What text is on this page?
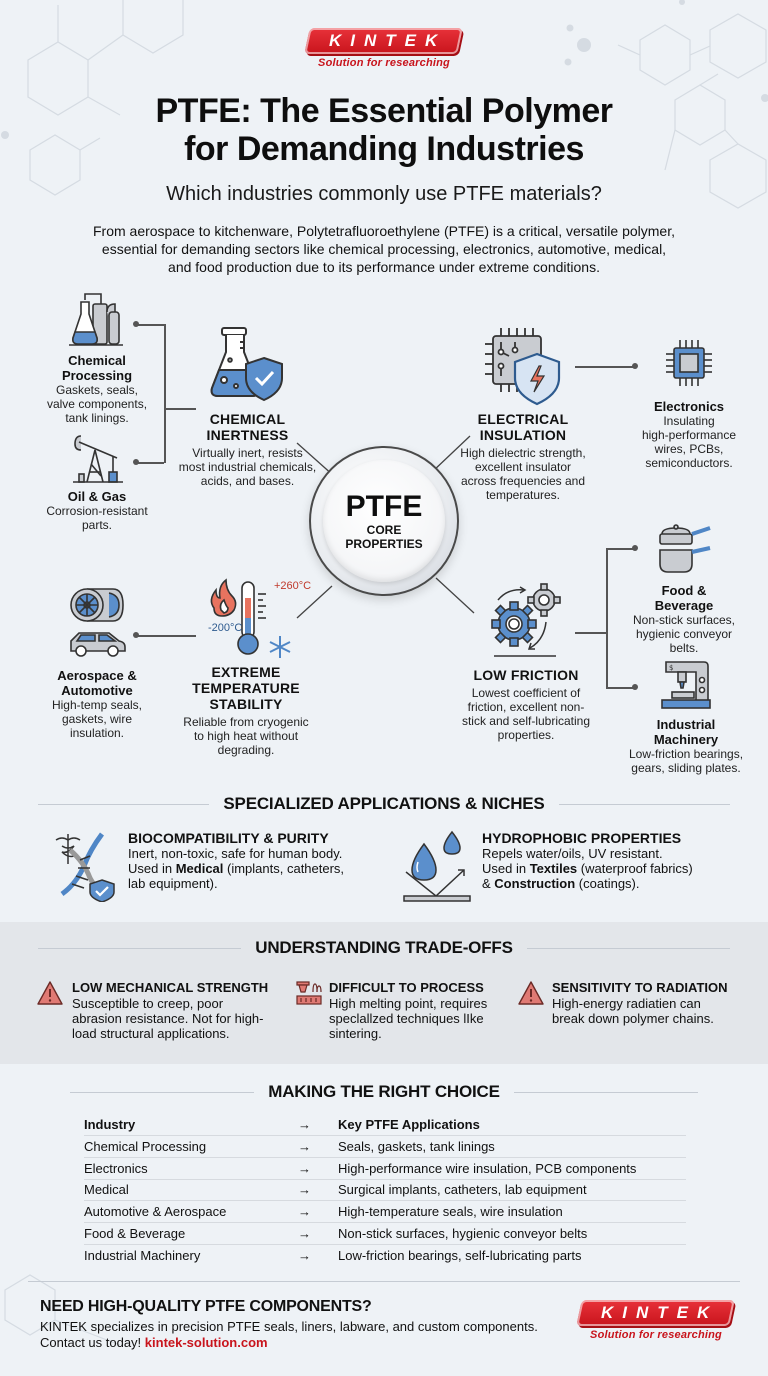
KINTEK
Solution for researching
PTFE: The Essential Polymer
for Demanding Industries
Which industries commonly use PTFE materials?
From aerospace to kitchenware, Polytetrafluoroethylene (PTFE) is a critical, versatile polymer,
essential for demanding sectors like chemical processing, electronics, automotive, medical,
and food production due to its performance under extreme conditions.
PTFE
CORE
PROPERTIES
Chemical
Processing
Gaskets, seals,
valve components,
tank linings.
Oil & Gas
Corrosion-resistant
parts.
CHEMICAL
INERTNESS
Virtually inert, resists
most industrial chemicals,
acids, and bases.
ELECTRICAL
INSULATION
High dielectric strength,
excellent insulator
across frequencies and
temperatures.
Electronics
Insulating
high-performance
wires, PCBs,
semiconductors.
Aerospace &
Automotive
High-temp seals,
gaskets, wire
insulation.
+260°C
-200°C
EXTREME
TEMPERATURE
STABILITY
Reliable from cryogenic
to high heat without
degrading.
LOW FRICTION
Lowest coefficient of
friction, excellent non-
stick and self-lubricating
properties.
Food &
Beverage
Non-stick surfaces,
hygienic conveyor
belts.
$
Industrial
Machinery
Low-friction bearings,
gears, sliding plates.
SPECIALIZED APPLICATIONS & NICHES
BIOCOMPATIBILITY & PURITY
Inert, non-toxic, safe for human body.
Used in Medical (implants, catheters,
lab equipment).
HYDROPHOBIC PROPERTIES
Repels water/oils, UV resistant.
Used in Textiles (waterproof fabrics)
& Construction (coatings).
UNDERSTANDING TRADE-OFFS
LOW MECHANICAL STRENGTH
Susceptible to creep, poor
abrasion resistance. Not for high-
load structural applications.
DIFFICULT TO PROCESS
High melting point, requires
speclallzed techniques lIke
sintering.
SENSITIVITY TO RADIATION
High-energy radiatien can
break down polymer chains.
MAKING THE RIGHT CHOICE
Industry	→	Key PTFE Applications
Chemical Processing	→	Seals, gaskets, tank linings
Electronics	→	High-performance wire insulation, PCB components
Medical	→	Surgical implants, catheters, lab equipment
Automotive & Aerospace	→	High-temperature seals, wire insulation
Food & Beverage	→	Non-stick surfaces, hygienic conveyor belts
Industrial Machinery	→	Low-friction bearings, self-lubricating parts
NEED HIGH-QUALITY PTFE COMPONENTS?
KINTEK specializes in precision PTFE seals, liners, labware, and custom components.
Contact us today! kintek-solution.com
KINTEK
Solution for researching
